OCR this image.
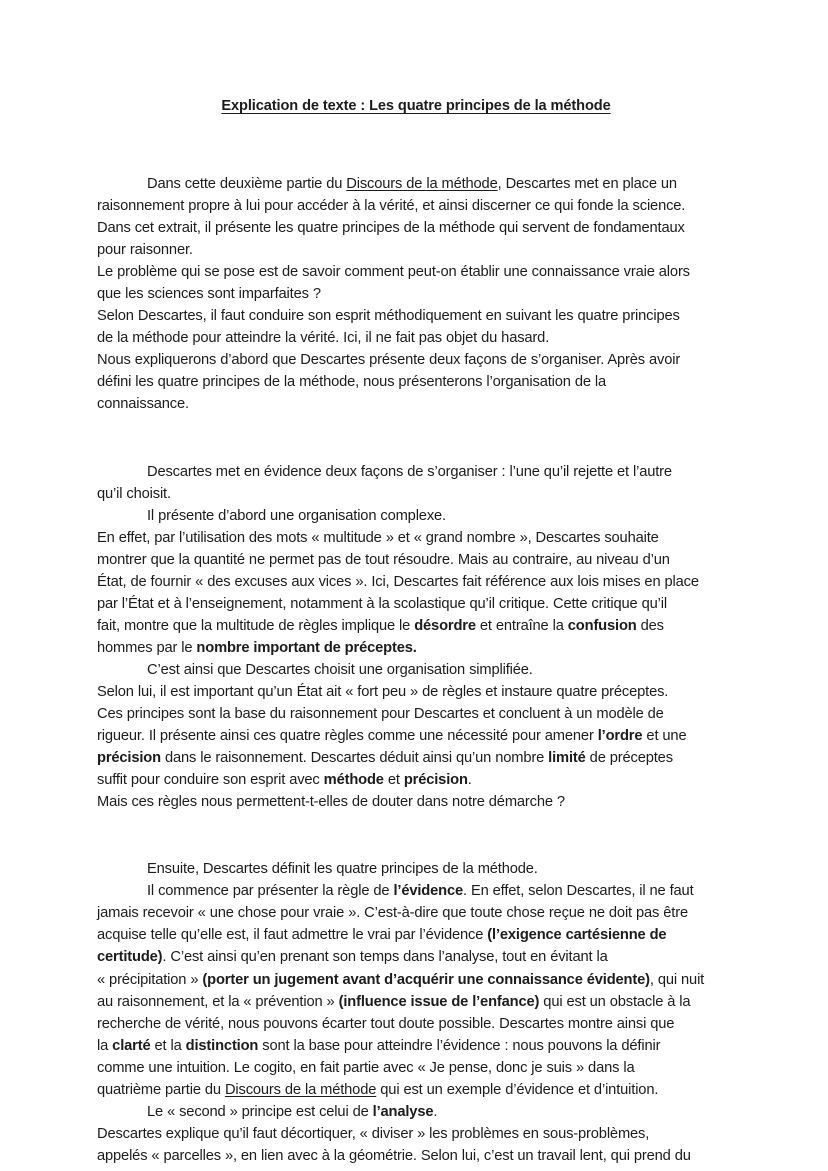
Explication de texte : Les quatre principes de la méthode

Dans cette deuxième partie du Discours de la méthode, Descartes met en place un
raisonnement propre à lui pour accéder à la vérité, et ainsi discerner ce qui fonde la science.
Dans cet extrait, il présente les quatre principes de la méthode qui servent de fondamentaux
pour raisonner.
Le problème qui se pose est de savoir comment peut-on établir une connaissance vraie alors
que les sciences sont imparfaites ?
Selon Descartes, il faut conduire son esprit méthodiquement en suivant les quatre principes
de la méthode pour atteindre la vérité. Ici, il ne fait pas objet du hasard.
Nous expliquerons d’abord que Descartes présente deux façons de s’organiser. Après avoir
défini les quatre principes de la méthode, nous présenterons l’organisation de la
connaissance.

Descartes met en évidence deux façons de s’organiser : l’une qu’il rejette et l’autre
qu’il choisit.
Il présente d’abord une organisation complexe.
En effet, par l’utilisation des mots « multitude » et « grand nombre », Descartes souhaite
montrer que la quantité ne permet pas de tout résoudre. Mais au contraire, au niveau d’un
État, de fournir « des excuses aux vices ». Ici, Descartes fait référence aux lois mises en place
par l’État et à l’enseignement, notamment à la scolastique qu’il critique. Cette critique qu’il
fait, montre que la multitude de règles implique le désordre et entraîne la confusion des
hommes par le nombre important de préceptes.
C’est ainsi que Descartes choisit une organisation simplifiée.
Selon lui, il est important qu’un État ait « fort peu » de règles et instaure quatre préceptes.
Ces principes sont la base du raisonnement pour Descartes et concluent à un modèle de
rigueur. Il présente ainsi ces quatre règles comme une nécessité pour amener l’ordre et une
précision dans le raisonnement. Descartes déduit ainsi qu’un nombre limité de préceptes
suffit pour conduire son esprit avec méthode et précision.
Mais ces règles nous permettent-t-elles de douter dans notre démarche ?

Ensuite, Descartes définit les quatre principes de la méthode.
Il commence par présenter la règle de l’évidence. En effet, selon Descartes, il ne faut
jamais recevoir « une chose pour vraie ». C’est-à-dire que toute chose reçue ne doit pas être
acquise telle qu’elle est, il faut admettre le vrai par l’évidence (l’exigence cartésienne de
certitude). C’est ainsi qu’en prenant son temps dans l’analyse, tout en évitant la
« précipitation » (porter un jugement avant d’acquérir une connaissance évidente), qui nuit
au raisonnement, et la « prévention » (influence issue de l’enfance) qui est un obstacle à la
recherche de vérité, nous pouvons écarter tout doute possible. Descartes montre ainsi que
la clarté et la distinction sont la base pour atteindre l’évidence : nous pouvons la définir
comme une intuition. Le cogito, en fait partie avec « Je pense, donc je suis » dans la
quatrième partie du Discours de la méthode qui est un exemple d’évidence et d’intuition.
Le « second » principe est celui de l’analyse.
Descartes explique qu’il faut décortiquer, « diviser » les problèmes en sous-problèmes,
appelés « parcelles », en lien avec à la géométrie. Selon lui, c’est un travail lent, qui prend du
